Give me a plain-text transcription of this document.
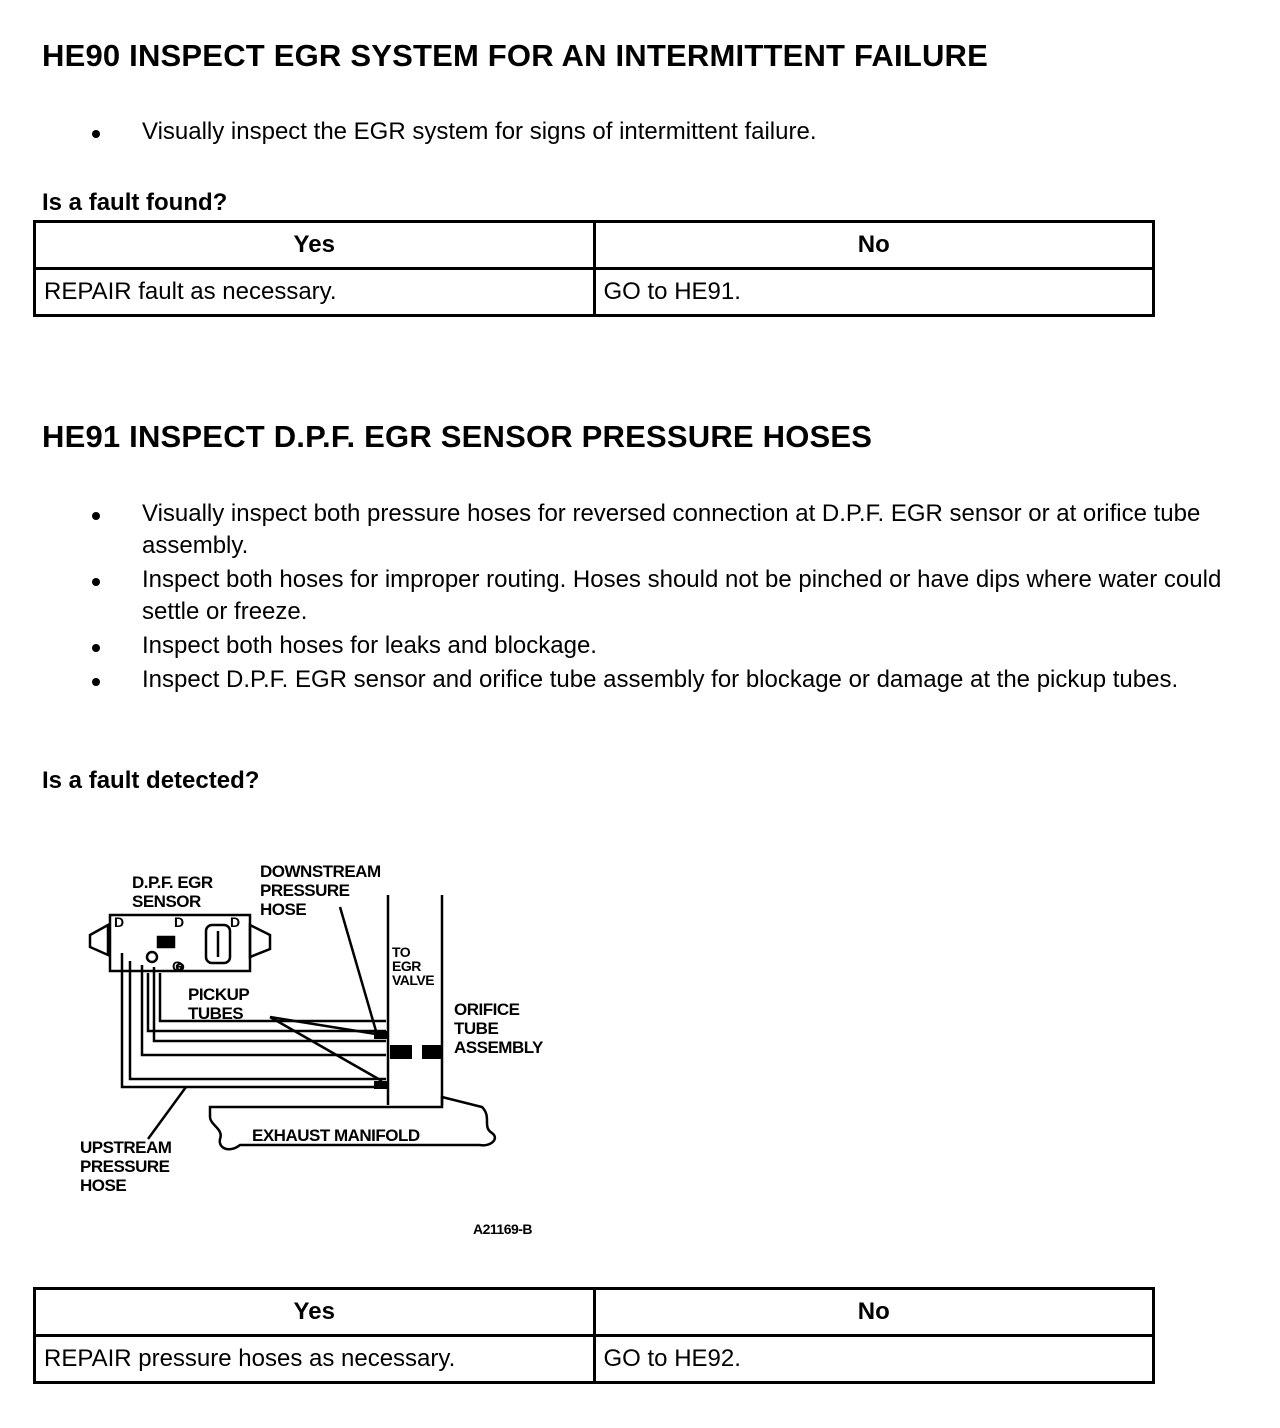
HE90 INSPECT EGR SYSTEM FOR AN INTERMITTENT FAILURE
Visually inspect the EGR system for signs of intermittent failure.
Is a fault found?
Yes	No
REPAIR fault as necessary.	GO to HE91.
HE91 INSPECT D.P.F. EGR SENSOR PRESSURE HOSES
Visually inspect both pressure hoses for reversed connection at D.P.F. EGR sensor or at orifice tube assembly.
Inspect both hoses for improper routing. Hoses should not be pinched or have dips where water could settle or freeze.
Inspect both hoses for leaks and blockage.
Inspect D.P.F. EGR sensor and orifice tube assembly for blockage or damage at the pickup tubes.
Is a fault detected?
D.P.F. EGR
SENSOR
DOWNSTREAM
PRESSURE
HOSE
TO
EGR
VALVE
PICKUP
TUBES	ORIFICE
TUBE
ASSEMBLY
EXHAUST MANIFOLD
UPSTREAM
PRESSURE
HOSE
A21169-B
D	D	D
G
Yes	No
REPAIR pressure hoses as necessary.	GO to HE92.
